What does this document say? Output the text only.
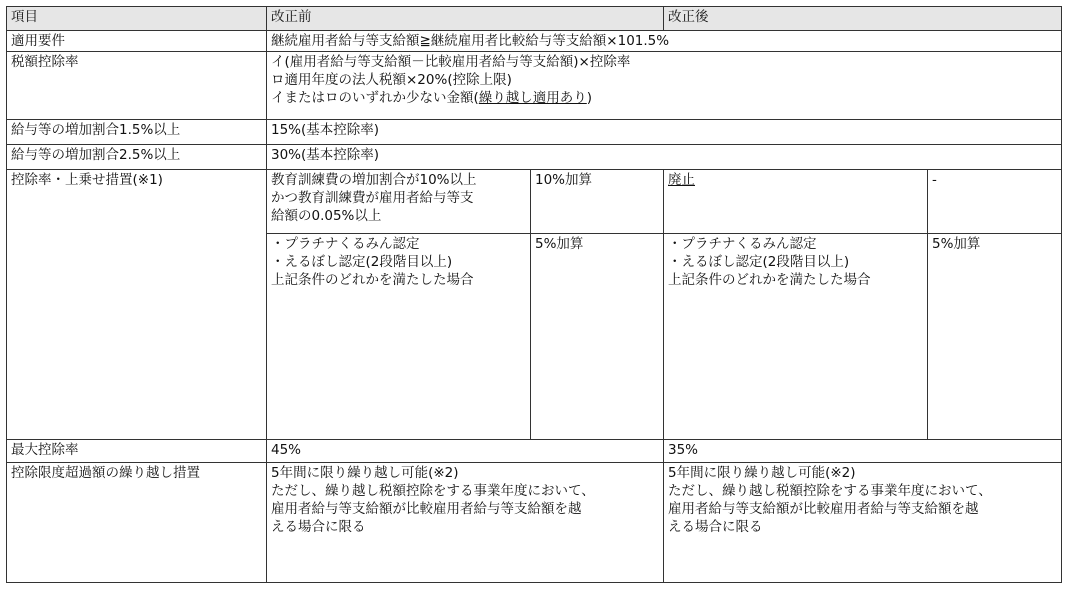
項目	改正前		改正後	
適用要件	継続雇用者給与等支給額≧継続雇用者比較給与等支給額×101.5%			
税額控除率	イ(雇用者給与等支給額－比較雇用者給与等支給額)×控除率
ロ適用年度の法人税額×20%(控除上限)
イまたはロのいずれか少ない金額(繰り越し適用あり)			

給与等の増加割合1.5%以上	15%(基本控除率)			
給与等の増加割合2.5%以上	30%(基本控除率)			
控除率・上乗せ措置(※1)	教育訓練費の増加割合が10%以上
かつ教育訓練費が雇用者給与等支
給額の0.05%以上	10%加算	廃止	-

	・プラチナくるみん認定
・えるぼし認定(2段階目以上)
上記条件のどれかを満たした場合	5%加算	・プラチナくるみん認定
・えるぼし認定(2段階目以上)
上記条件のどれかを満たした場合	5%加算
最大控除率	45%		35%	
控除限度超過額の繰り越し措置	5年間に限り繰り越し可能(※2)
ただし、繰り越し税額控除をする事業年度において、
雇用者給与等支給額が比較雇用者給与等支給額を越
える場合に限る		5年間に限り繰り越し可能(※2)
ただし、繰り越し税額控除をする事業年度において、
雇用者給与等支給額が比較雇用者給与等支給額を越
える場合に限る	
